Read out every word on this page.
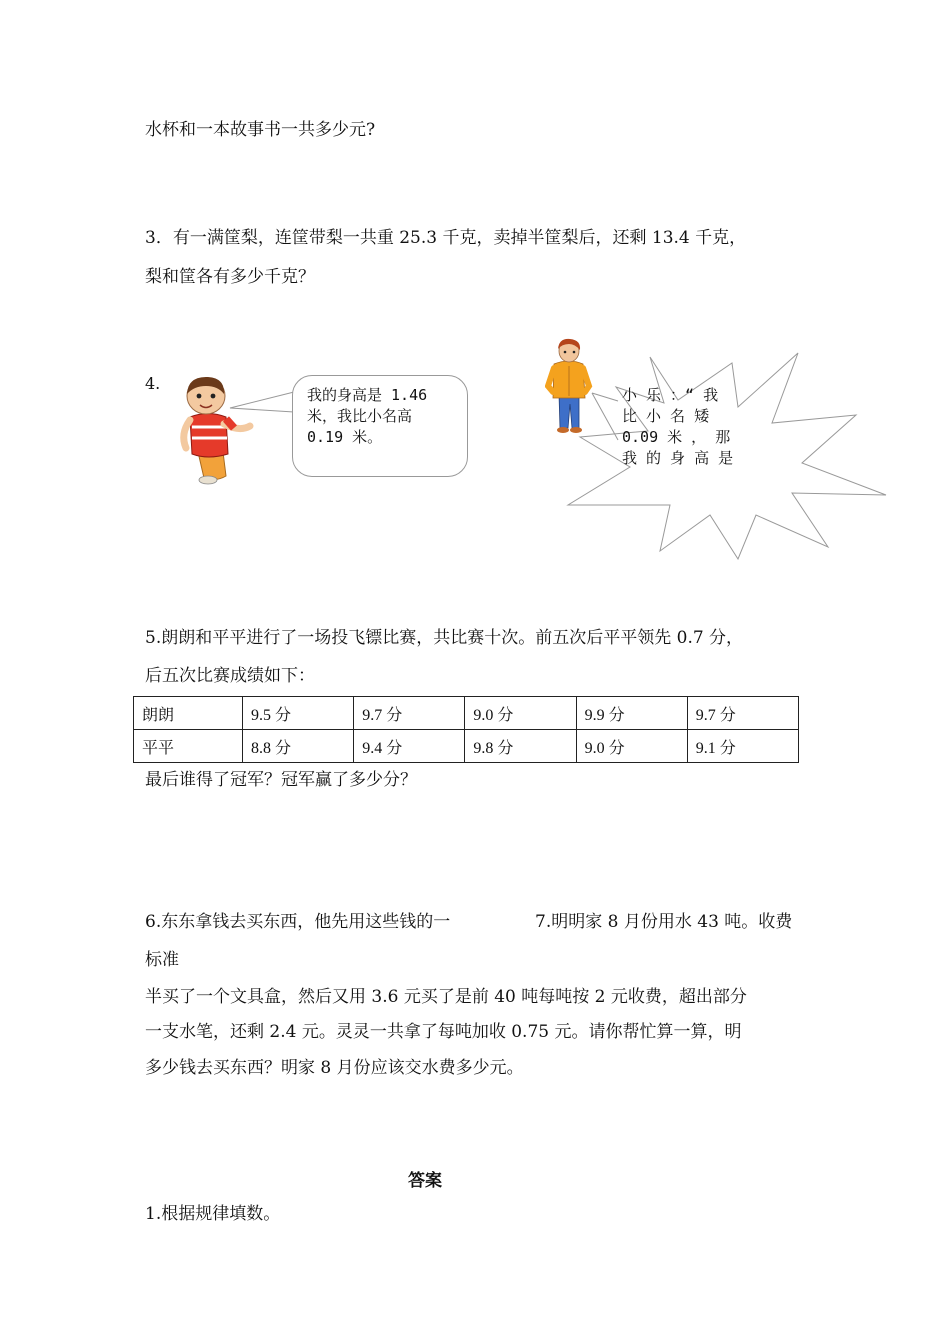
水杯和一本故事书一共多少元?
3．有一满筐梨，连筐带梨一共重 25.3 千克，卖掉半筐梨后，还剩 13.4 千克，
梨和筐各有多少千克？
4.
我的身高是 1.46
米，我比小名高
0.19 米。
小 乐 ：“ 我
比 小 名 矮
0.09 米 ， 那
我 的 身 高 是
5.朗朗和平平进行了一场投飞镖比赛，共比赛十次。前五次后平平领先 0.7 分，
后五次比赛成绩如下：
朗朗	9.5 分	9.7 分	9.0 分	9.9 分	9.7 分
平平	8.8 分	9.4 分	9.8 分	9.0 分	9.1 分
最后谁得了冠军？冠军赢了多少分？
6.东东拿钱去买东西，他先用这些钱的一	7.明明家 8 月份用水 43 吨。收费
标准
半买了一个文具盒，然后又用 3.6 元买了是前 40 吨每吨按 2 元收费，超出部分
一支水笔，还剩 2.4 元。灵灵一共拿了每吨加收 0.75 元。请你帮忙算一算，明
多少钱去买东西？明家 8 月份应该交水费多少元。
答案
1.根据规律填数。
